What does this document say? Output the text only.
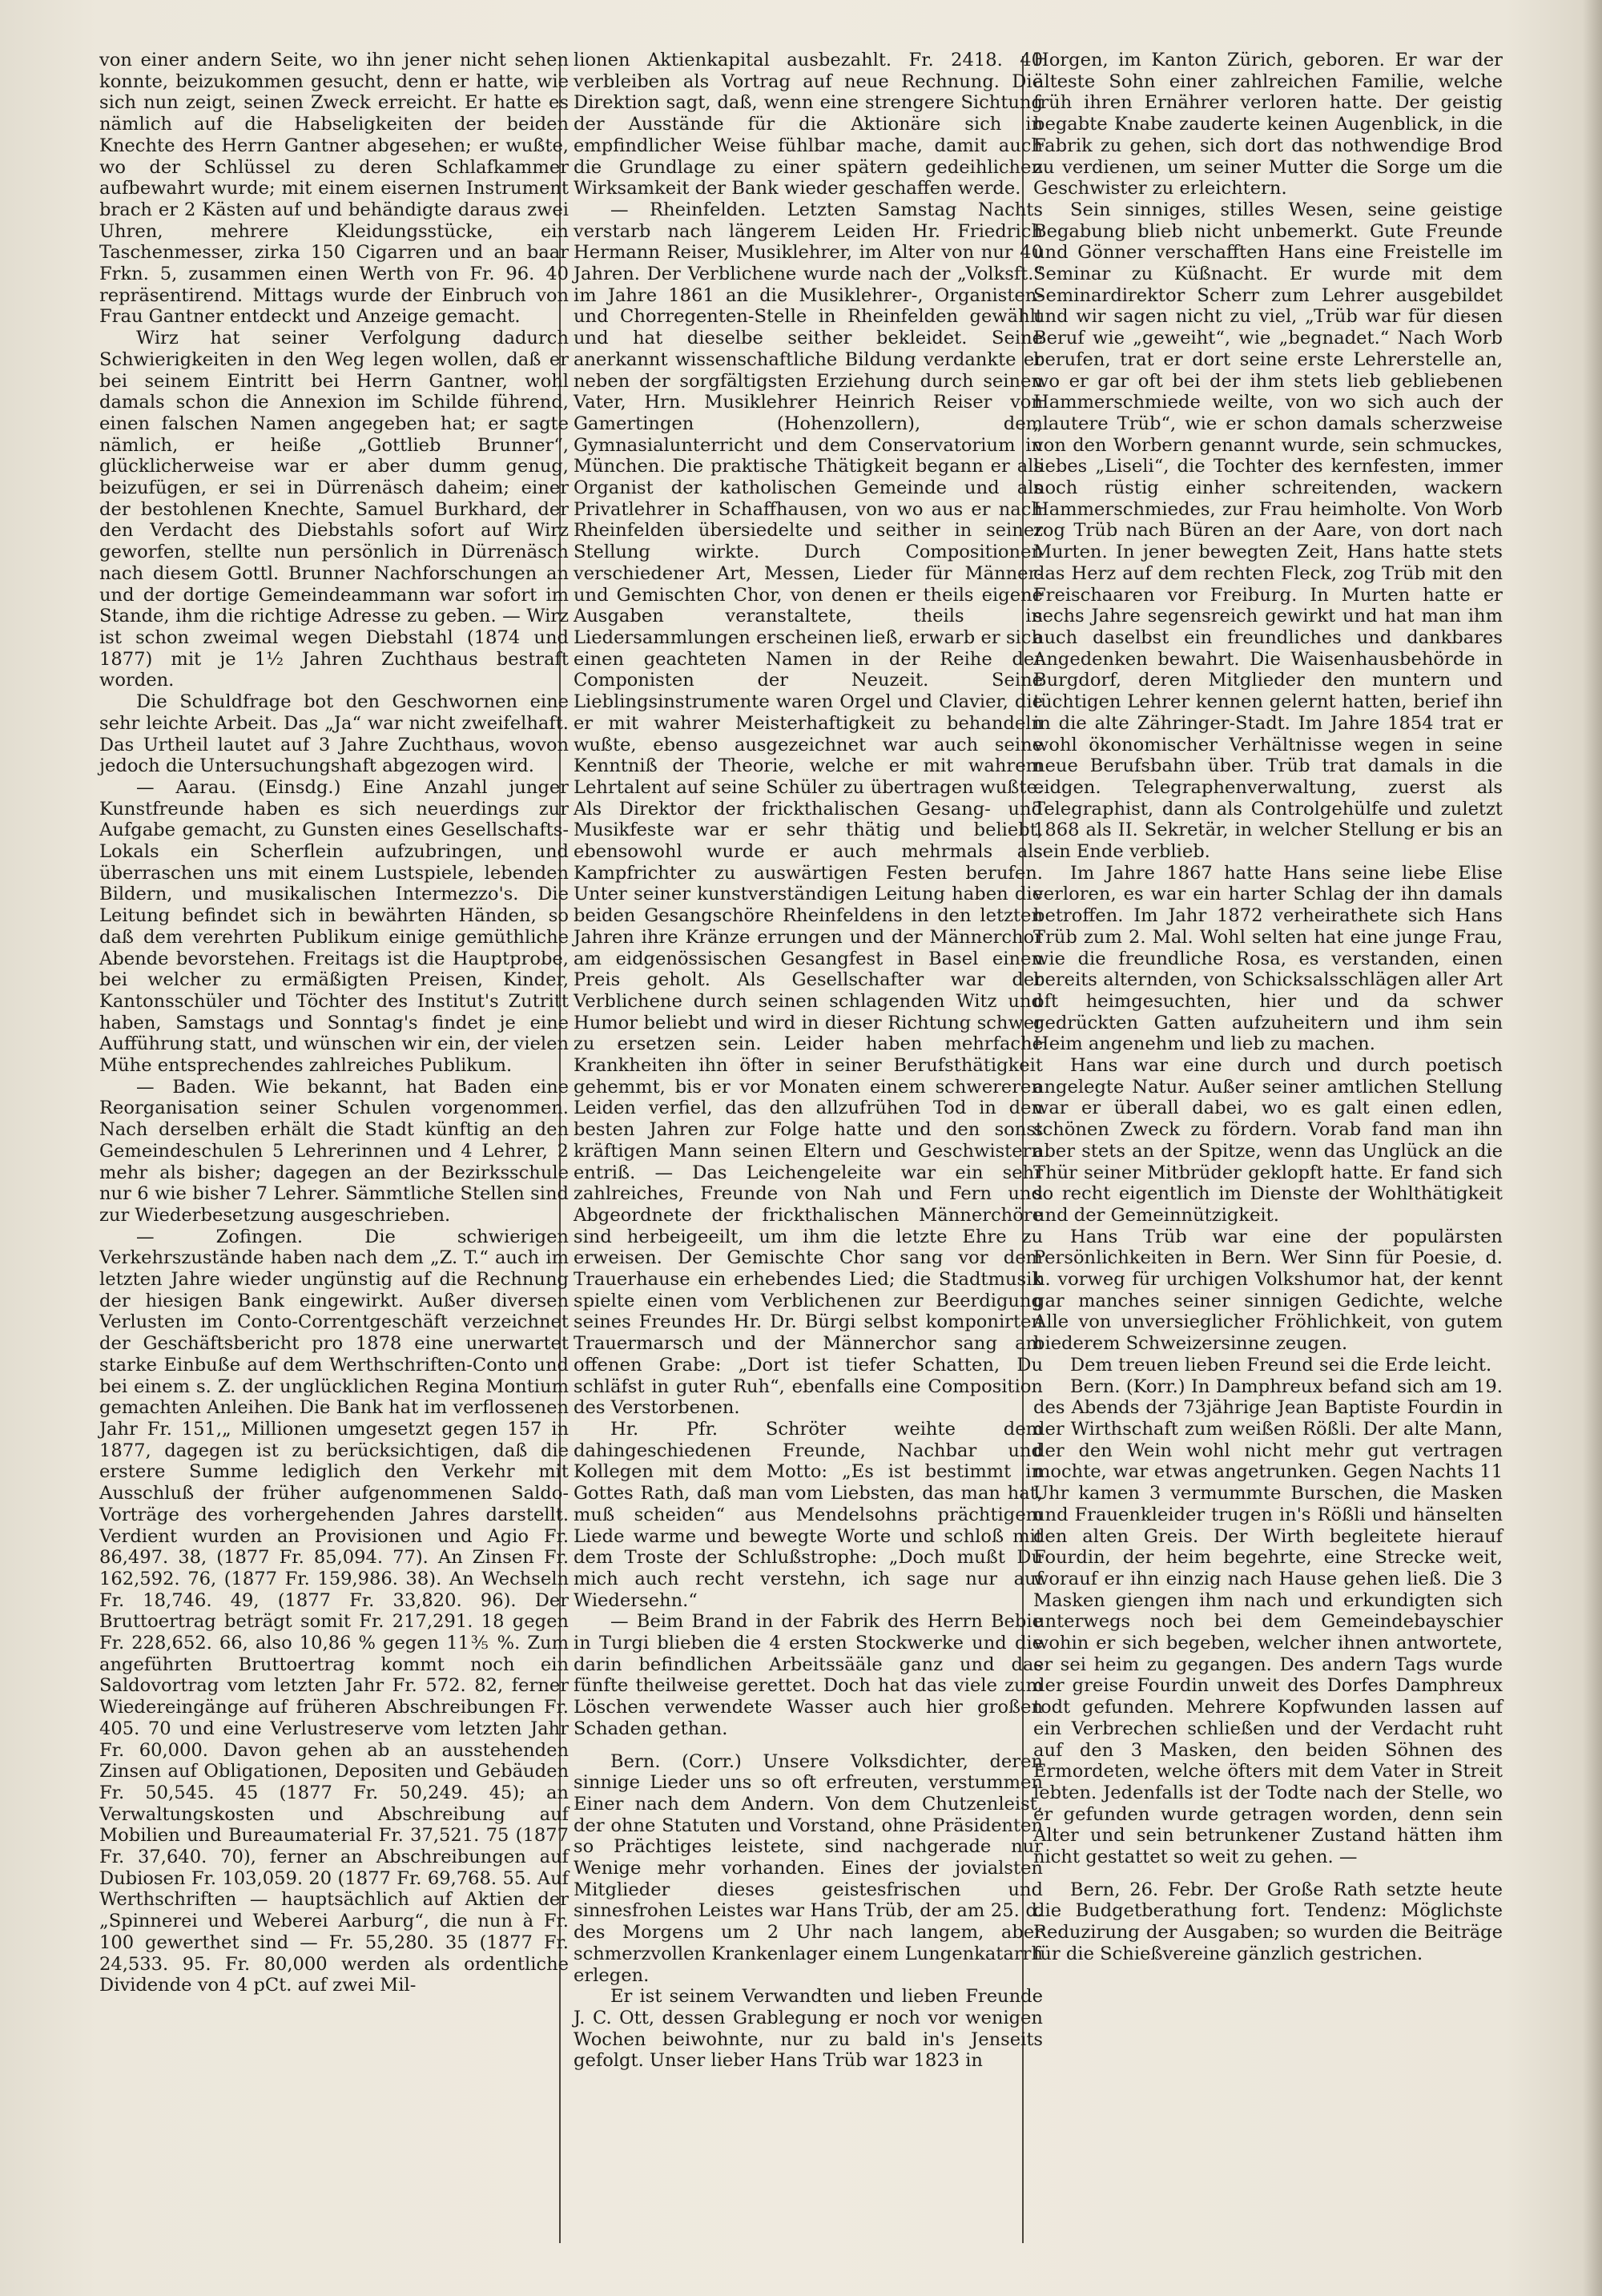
von einer andern Seite, wo ihn jener nicht sehen konnte, beizukommen gesucht, denn er hatte, wie sich nun zeigt, seinen Zweck erreicht. Er hatte es nämlich auf die Habseligkeiten der beiden Knechte des Herrn Gantner abgesehen; er wußte, wo der Schlüssel zu deren Schlafkammer aufbewahrt wurde; mit einem eisernen Instrument brach er 2 Kästen auf und behändigte daraus zwei Uhren, mehrere Kleidungsstücke, ein Taschenmesser, zirka 150 Cigarren und an baar Frkn. 5, zusammen einen Werth von Fr. 96. 40 repräsentirend. Mittags wurde der Einbruch von Frau Gantner entdeckt und Anzeige gemacht.

Wirz hat seiner Verfolgung dadurch Schwierigkeiten in den Weg legen wollen, daß er bei seinem Eintritt bei Herrn Gantner, wohl damals schon die Annexion im Schilde führend, einen falschen Namen angegeben hat; er sagte nämlich, er heiße „Gottlieb Brunner“, glücklicherweise war er aber dumm genug, beizufügen, er sei in Dürrenäsch daheim; einer der bestohlenen Knechte, Samuel Burkhard, der den Verdacht des Diebstahls sofort auf Wirz geworfen, stellte nun persönlich in Dürrenäsch nach diesem Gottl. Brunner Nachforschungen an und der dortige Gemeindeammann war sofort im Stande, ihm die richtige Adresse zu geben. — Wirz ist schon zweimal wegen Diebstahl (1874 und 1877) mit je 1½ Jahren Zuchthaus bestraft worden.

Die Schuldfrage bot den Geschwornen eine sehr leichte Arbeit. Das „Ja“ war nicht zweifelhaft. Das Urtheil lautet auf 3 Jahre Zuchthaus, wovon jedoch die Untersuchungshaft abgezogen wird.

— Aarau. (Einsdg.) Eine Anzahl junger Kunstfreunde haben es sich neuerdings zur Aufgabe gemacht, zu Gunsten eines Gesellschafts-Lokals ein Scherflein aufzubringen, und überraschen uns mit einem Lustspiele, lebenden Bildern, und musikalischen Intermezzo's. Die Leitung befindet sich in bewährten Händen, so daß dem verehrten Publikum einige gemüthliche Abende bevorstehen. Freitags ist die Hauptprobe, bei welcher zu ermäßigten Preisen, Kinder, Kantonsschüler und Töchter des Institut's Zutritt haben, Samstags und Sonntag's findet je eine Aufführung statt, und wünschen wir ein, der vielen Mühe entsprechendes zahlreiches Publikum.

— Baden. Wie bekannt, hat Baden eine Reorganisation seiner Schulen vorgenommen. Nach derselben erhält die Stadt künftig an den Gemeindeschulen 5 Lehrerinnen und 4 Lehrer, 2 mehr als bisher; dagegen an der Bezirksschule nur 6 wie bisher 7 Lehrer. Sämmtliche Stellen sind zur Wiederbesetzung ausgeschrieben.

— Zofingen. Die schwierigen Verkehrszustände haben nach dem „Z. T.“ auch im letzten Jahre wieder ungünstig auf die Rechnung der hiesigen Bank eingewirkt. Außer diversen Verlusten im Conto-Correntgeschäft verzeichnet der Geschäftsbericht pro 1878 eine unerwartet starke Einbuße auf dem Werthschriften-Conto und bei einem s. Z. der unglücklichen Regina Montium gemachten Anleihen. Die Bank hat im verflossenen Jahr Fr. 151,„ Millionen umgesetzt gegen 157 in 1877, dagegen ist zu berücksichtigen, daß die erstere Summe lediglich den Verkehr mit Ausschluß der früher aufgenommenen Saldo-Vorträge des vorhergehenden Jahres darstellt. Verdient wurden an Provisionen und Agio Fr. 86,497. 38, (1877 Fr. 85,094. 77). An Zinsen Fr. 162,592. 76, (1877 Fr. 159,986. 38). An Wechseln Fr. 18,746. 49, (1877 Fr. 33,820. 96). Der Bruttoertrag beträgt somit Fr. 217,291. 18 gegen Fr. 228,652. 66, also 10,86 % gegen 11⅗ %. Zum angeführten Bruttoertrag kommt noch ein Saldovortrag vom letzten Jahr Fr. 572. 82, ferner Wiedereingänge auf früheren Abschreibungen Fr. 405. 70 und eine Verlustreserve vom letzten Jahr Fr. 60,000. Davon gehen ab an ausstehenden Zinsen auf Obligationen, Depositen und Gebäuden Fr. 50,545. 45 (1877 Fr. 50,249. 45); an Verwaltungskosten und Abschreibung auf Mobilien und Bureaumaterial Fr. 37,521. 75 (1877 Fr. 37,640. 70), ferner an Abschreibungen auf Dubiosen Fr. 103,059. 20 (1877 Fr. 69,768. 55. Auf Werthschriften — hauptsächlich auf Aktien der „Spinnerei und Weberei Aarburg“, die nun à Fr. 100 gewerthet sind — Fr. 55,280. 35 (1877 Fr. 24,533. 95. Fr. 80,000 werden als ordentliche Dividende von 4 pCt. auf zwei Mil-

lionen Aktienkapital ausbezahlt. Fr. 2418. 40 verbleiben als Vortrag auf neue Rechnung. Die Direktion sagt, daß, wenn eine strengere Sichtung der Ausstände für die Aktionäre sich in empfindlicher Weise fühlbar mache, damit auch die Grundlage zu einer spätern gedeihlichen Wirksamkeit der Bank wieder geschaffen werde.

— Rheinfelden. Letzten Samstag Nachts verstarb nach längerem Leiden Hr. Friedrich Hermann Reiser, Musiklehrer, im Alter von nur 40 Jahren. Der Verblichene wurde nach der „Volksft.“ im Jahre 1861 an die Musiklehrer-, Organisten- und Chorregenten-Stelle in Rheinfelden gewählt und hat dieselbe seither bekleidet. Seine anerkannt wissenschaftliche Bildung verdankte er neben der sorgfältigsten Erziehung durch seinen Vater, Hrn. Musiklehrer Heinrich Reiser von Gamertingen (Hohenzollern), dem Gymnasialunterricht und dem Conservatorium in München. Die praktische Thätigkeit begann er als Organist der katholischen Gemeinde und als Privatlehrer in Schaffhausen, von wo aus er nach Rheinfelden übersiedelte und seither in seiner Stellung wirkte. Durch Compositionen verschiedener Art, Messen, Lieder für Männer- und Gemischten Chor, von denen er theils eigene Ausgaben veranstaltete, theils in Liedersammlungen erscheinen ließ, erwarb er sich einen geachteten Namen in der Reihe der Componisten der Neuzeit. Seine Lieblingsinstrumente waren Orgel und Clavier, die er mit wahrer Meisterhaftigkeit zu behandeln wußte, ebenso ausgezeichnet war auch seine Kenntniß der Theorie, welche er mit wahrem Lehrtalent auf seine Schüler zu übertragen wußte. Als Direktor der frickthalischen Gesang- und Musikfeste war er sehr thätig und beliebt, ebensowohl wurde er auch mehrmals als Kampfrichter zu auswärtigen Festen berufen. Unter seiner kunstverständigen Leitung haben die beiden Gesangschöre Rheinfeldens in den letzten Jahren ihre Kränze errungen und der Männerchor am eidgenössischen Gesangfest in Basel einen Preis geholt. Als Gesellschafter war der Verblichene durch seinen schlagenden Witz und Humor beliebt und wird in dieser Richtung schwer zu ersetzen sein. Leider haben mehrfache Krankheiten ihn öfter in seiner Berufsthätigkeit gehemmt, bis er vor Monaten einem schwereren Leiden verfiel, das den allzufrühen Tod in den besten Jahren zur Folge hatte und den sonst kräftigen Mann seinen Eltern und Geschwistern entriß. — Das Leichengeleite war ein sehr zahlreiches, Freunde von Nah und Fern und Abgeordnete der frickthalischen Männerchöre sind herbeigeeilt, um ihm die letzte Ehre zu erweisen. Der Gemischte Chor sang vor dem Trauerhause ein erhebendes Lied; die Stadtmusik spielte einen vom Verblichenen zur Beerdigung seines Freundes Hr. Dr. Bürgi selbst komponirten Trauermarsch und der Männerchor sang am offenen Grabe: „Dort ist tiefer Schatten, Du schläfst in guter Ruh“, ebenfalls eine Composition des Verstorbenen.

Hr. Pfr. Schröter weihte dem dahingeschiedenen Freunde, Nachbar und Kollegen mit dem Motto: „Es ist bestimmt in Gottes Rath, daß man vom Liebsten, das man hat, muß scheiden“ aus Mendelsohns prächtigem Liede warme und bewegte Worte und schloß mit dem Troste der Schlußstrophe: „Doch mußt Du mich auch recht verstehn, ich sage nur auf Wiedersehn.“

— Beim Brand in der Fabrik des Herrn Bebie in Turgi blieben die 4 ersten Stockwerke und die darin befindlichen Arbeitssääle ganz und das fünfte theilweise gerettet. Doch hat das viele zum Löschen verwendete Wasser auch hier großen Schaden gethan.

Bern. (Corr.) Unsere Volksdichter, deren sinnige Lieder uns so oft erfreuten, verstummen Einer nach dem Andern. Von dem Chutzenleist, der ohne Statuten und Vorstand, ohne Präsidenten so Prächtiges leistete, sind nachgerade nur Wenige mehr vorhanden. Eines der jovialsten Mitglieder dieses geistesfrischen und sinnesfrohen Leistes war Hans Trüb, der am 25. d. des Morgens um 2 Uhr nach langem, aber schmerzvollen Krankenlager einem Lungenkatarrh erlegen.

Er ist seinem Verwandten und lieben Freunde J. C. Ott, dessen Grablegung er noch vor wenigen Wochen beiwohnte, nur zu bald in's Jenseits gefolgt. Unser lieber Hans Trüb war 1823 in

Horgen, im Kanton Zürich, geboren. Er war der älteste Sohn einer zahlreichen Familie, welche früh ihren Ernährer verloren hatte. Der geistig begabte Knabe zauderte keinen Augenblick, in die Fabrik zu gehen, sich dort das nothwendige Brod zu verdienen, um seiner Mutter die Sorge um die Geschwister zu erleichtern.

Sein sinniges, stilles Wesen, seine geistige Begabung blieb nicht unbemerkt. Gute Freunde und Gönner verschafften Hans eine Freistelle im Seminar zu Küßnacht. Er wurde mit dem Seminardirektor Scherr zum Lehrer ausgebildet und wir sagen nicht zu viel, „Trüb war für diesen Beruf wie „geweiht“, wie „begnadet.“ Nach Worb berufen, trat er dort seine erste Lehrerstelle an, wo er gar oft bei der ihm stets lieb gebliebenen Hammerschmiede weilte, von wo sich auch der „lautere Trüb“, wie er schon damals scherzweise von den Worbern genannt wurde, sein schmuckes, liebes „Liseli“, die Tochter des kernfesten, immer noch rüstig einher schreitenden, wackern Hammerschmiedes, zur Frau heimholte. Von Worb zog Trüb nach Büren an der Aare, von dort nach Murten. In jener bewegten Zeit, Hans hatte stets das Herz auf dem rechten Fleck, zog Trüb mit den Freischaaren vor Freiburg. In Murten hatte er sechs Jahre segensreich gewirkt und hat man ihm auch daselbst ein freundliches und dankbares Angedenken bewahrt. Die Waisenhausbehörde in Burgdorf, deren Mitglieder den muntern und tüchtigen Lehrer kennen gelernt hatten, berief ihn in die alte Zähringer-Stadt. Im Jahre 1854 trat er wohl ökonomischer Verhältnisse wegen in seine neue Berufsbahn über. Trüb trat damals in die eidgen. Telegraphenverwaltung, zuerst als Telegraphist, dann als Controlgehülfe und zuletzt 1868 als II. Sekretär, in welcher Stellung er bis an sein Ende verblieb.

Im Jahre 1867 hatte Hans seine liebe Elise verloren, es war ein harter Schlag der ihn damals betroffen. Im Jahr 1872 verheirathete sich Hans Trüb zum 2. Mal. Wohl selten hat eine junge Frau, wie die freundliche Rosa, es verstanden, einen bereits alternden, von Schicksalsschlägen aller Art oft heimgesuchten, hier und da schwer gedrückten Gatten aufzuheitern und ihm sein Heim angenehm und lieb zu machen.

Hans war eine durch und durch poetisch angelegte Natur. Außer seiner amtlichen Stellung war er überall dabei, wo es galt einen edlen, schönen Zweck zu fördern. Vorab fand man ihn aber stets an der Spitze, wenn das Unglück an die Thür seiner Mitbrüder geklopft hatte. Er fand sich so recht eigentlich im Dienste der Wohlthätigkeit und der Gemeinnützigkeit.

Hans Trüb war eine der populärsten Persönlichkeiten in Bern. Wer Sinn für Poesie, d. h. vorweg für urchigen Volkshumor hat, der kennt gar manches seiner sinnigen Gedichte, welche Alle von unversieglicher Fröhlichkeit, von gutem biederem Schweizersinne zeugen.

Dem treuen lieben Freund sei die Erde leicht.

Bern. (Korr.) In Damphreux befand sich am 19. des Abends der 73jährige Jean Baptiste Fourdin in der Wirthschaft zum weißen Rößli. Der alte Mann, der den Wein wohl nicht mehr gut vertragen mochte, war etwas angetrunken. Gegen Nachts 11 Uhr kamen 3 vermummte Burschen, die Masken und Frauenkleider trugen in's Rößli und hänselten den alten Greis. Der Wirth begleitete hierauf Fourdin, der heim begehrte, eine Strecke weit, worauf er ihn einzig nach Hause gehen ließ. Die 3 Masken giengen ihm nach und erkundigten sich unterwegs noch bei dem Gemeindebayschier wohin er sich begeben, welcher ihnen antwortete, er sei heim zu gegangen. Des andern Tags wurde der greise Fourdin unweit des Dorfes Damphreux todt gefunden. Mehrere Kopfwunden lassen auf ein Verbrechen schließen und der Verdacht ruht auf den 3 Masken, den beiden Söhnen des Ermordeten, welche öfters mit dem Vater in Streit lebten. Jedenfalls ist der Todte nach der Stelle, wo er gefunden wurde getragen worden, denn sein Alter und sein betrunkener Zustand hätten ihm nicht gestattet so weit zu gehen. —

Bern, 26. Febr. Der Große Rath setzte heute die Budgetberathung fort. Tendenz: Möglichste Reduzirung der Ausgaben; so wurden die Beiträge für die Schießvereine gänzlich gestrichen.
